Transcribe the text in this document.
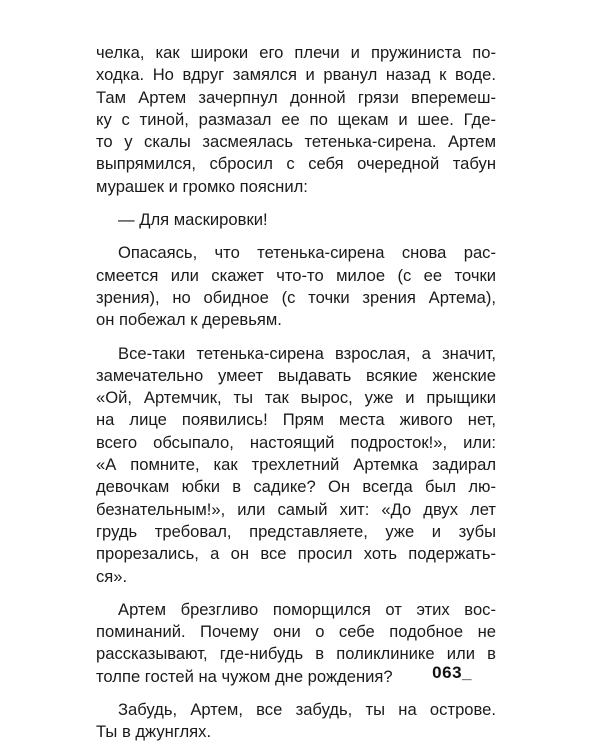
челка, как широки его плечи и пружиниста по-
ходка. Но вдруг замялся и рванул назад к воде.
Там Артем зачерпнул донной грязи вперемеш-
ку с тиной, размазал ее по щекам и шее. Где-
то у скалы засмеялась тетенька-сирена. Артем
выпрямился, сбросил с себя очередной табун
мурашек и громко пояснил:
— Для маскировки!
Опасаясь, что тетенька-сирена снова рас-
смеется или скажет что-то милое (с ее точки
зрения), но обидное (с точки зрения Артема),
он побежал к деревьям.
Все-таки тетенька-сирена взрослая, а значит,
замечательно умеет выдавать всякие женские
«Ой, Артемчик, ты так вырос, уже и прыщики
на лице появились! Прям места живого нет,
всего обсыпало, настоящий подросток!», или:
«А помните, как трехлетний Артемка задирал
девочкам юбки в садике? Он всегда был лю-
безнательным!», или самый хит: «До двух лет
грудь требовал, представляете, уже и зубы
прорезались, а он все просил хоть подержать-
ся».
Артем брезгливо поморщился от этих вос-
поминаний. Почему они о себе подобное не
рассказывают, где-нибудь в поликлинике или в
толпе гостей на чужом дне рождения?
Забудь, Артем, все забудь, ты на острове.
Ты в джунглях.
063_
